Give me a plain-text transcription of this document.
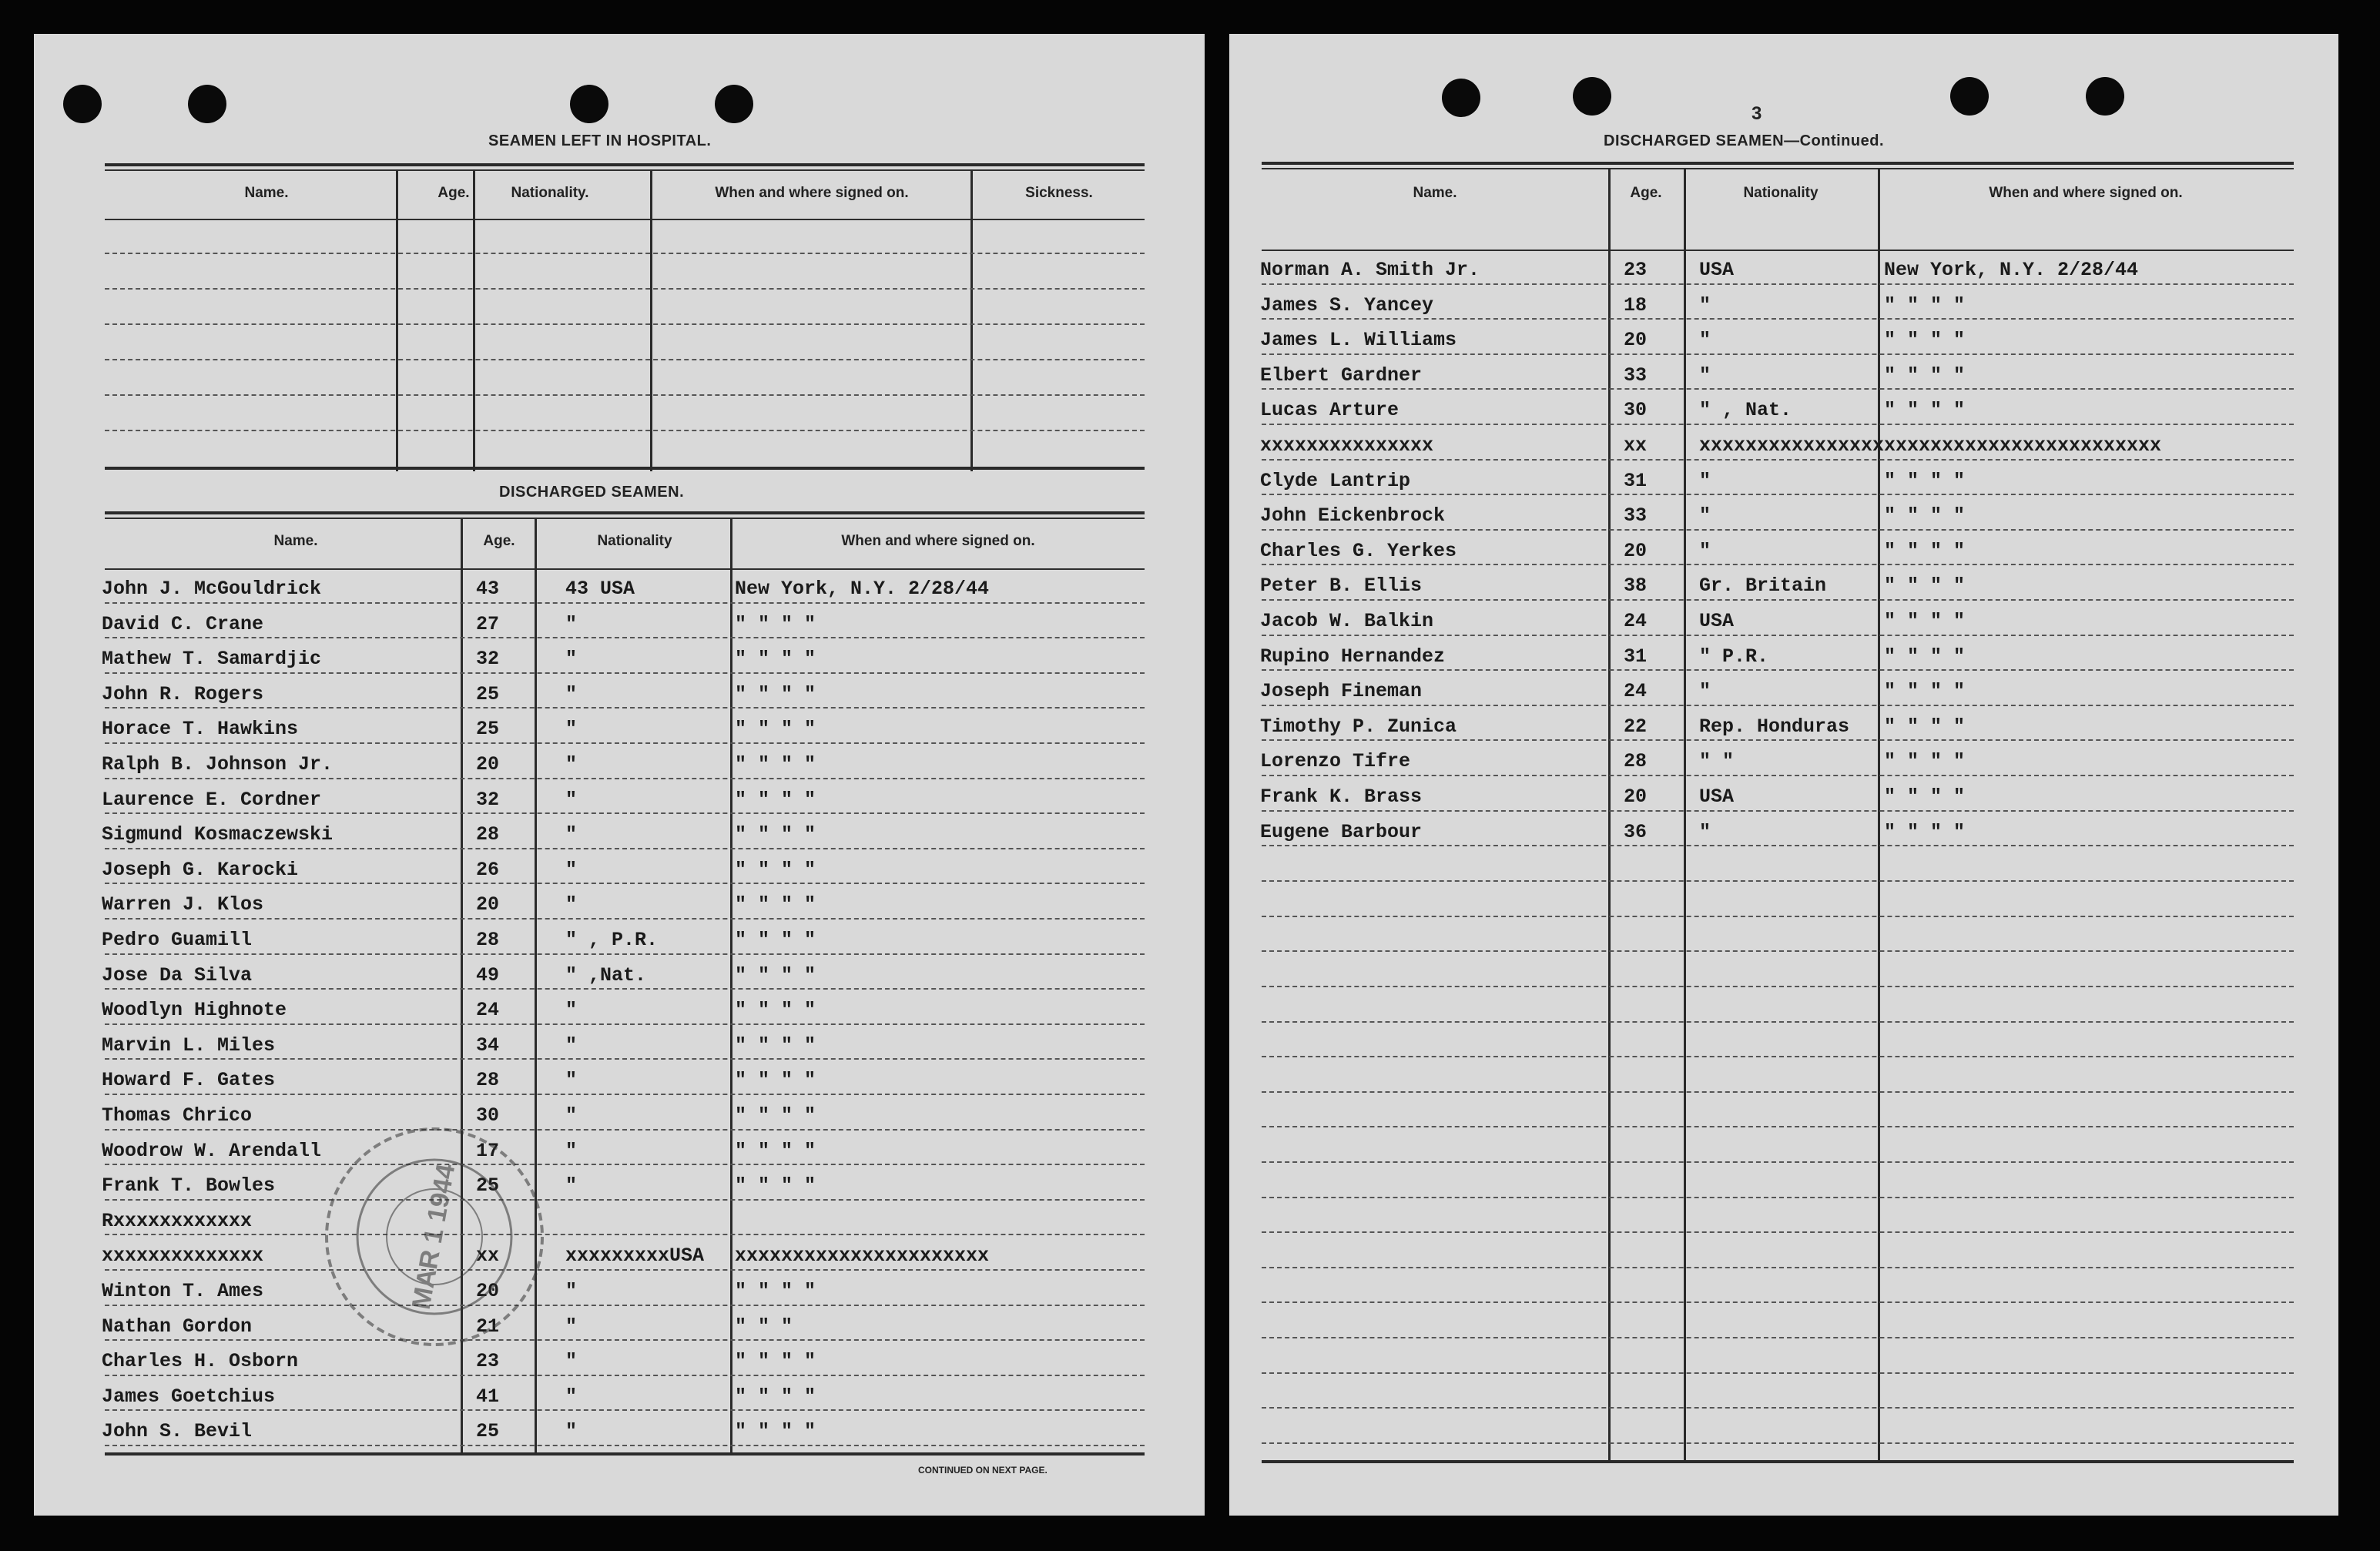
SEAMEN LEFT IN HOSPITAL.
Name.	Age.	Nationality.	When and where signed on.	Sickness.
DISCHARGED SEAMEN.
Name.	Age.	Nationality	When and where signed on.
John J. McGouldrick	43	43 USA	New York, N.Y. 2/28/44
David C. Crane	27	"	" " " "
Mathew T. Samardjic	32	"	" " " "
John R. Rogers	25	"	" " " "
Horace T. Hawkins	25	"	" " " "
Ralph B. Johnson Jr.	20	"	" " " "
Laurence E. Cordner	32	"	" " " "
Sigmund Kosmaczewski	28	"	" " " "
Joseph G. Karocki	26	"	" " " "
Warren J. Klos	20	"	" " " "
Pedro Guamill	28	" , P.R.	" " " "
Jose Da Silva	49	" ,Nat.	" " " "
Woodlyn Highnote	24	"	" " " "
Marvin L. Miles	34	"	" " " "
Howard F. Gates	28	"	" " " "
Thomas Chrico	30	"	" " " "
Woodrow W. Arendall	17	"	" " " "
Frank T. Bowles	25	"	" " " "
Rxxxxxxxxxxxx
xxxxxxxxxxxxxx	xx	xxxxxxxxxUSA xxxxxxxxxxxxxxxxxxxxxx
Winton T. Ames	20	"	" " " "
Nathan Gordon	21	"	" " "
Charles H. Osborn	23	"	" " " "
James Goetchius	41	"	" " " "
John S. Bevil	25	"	" " " "
CONTINUED ON NEXT PAGE.
MAR 1 1944
3
DISCHARGED SEAMEN—Continued.
Name.	Age.	Nationality	When and where signed on.
Norman A. Smith Jr.	23	USA	New York, N.Y. 2/28/44
James S. Yancey	18	"	" " " "
James L. Williams	20	"	" " " "
Elbert Gardner	33	"	" " " "
Lucas Arture	30	" , Nat.	" " " "
xxxxxxxxxxxxxxx	xx	xxxxxxxxxxxxxxxx xxxxxxxxxxxxxxxxxxxxxxxx
Clyde Lantrip	31	"	" " " "
John Eickenbrock	33	"	" " " "
Charles G. Yerkes	20	"	" " " "
Peter B. Ellis	38	Gr. Britain	" " " "
Jacob W. Balkin	24	USA	" " " "
Rupino Hernandez	31	" P.R.	" " " "
Joseph Fineman	24	"	" " " "
Timothy P. Zunica	22	Rep. Honduras " " " "
Lorenzo Tifre	28	" "	" " " "
Frank K. Brass	20	USA	" " " "
Eugene Barbour	36	"	" " " "
